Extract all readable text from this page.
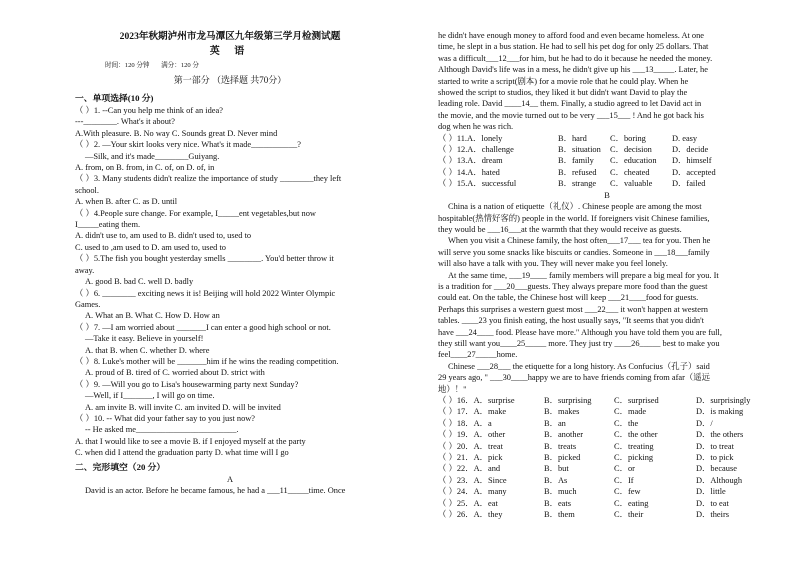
2023年秋期泸州市龙马潭区九年级第三学月检测试题
英 语
时间：120 分钟 满分：120 分
第一部分 （选择题 共70分）
一、单项选择(10 分)
（ ）1. --Can you help me think of an idea?
---________. What's it about?
A.With pleasure. B. No way C. Sounds great D. Never mind
（ ）2. —Your skirt looks very nice. What's it made___________?
—Silk, and it's made________Guiyang.
A. from, on B. from, in C. of, on D. of, in
（ ）3. Many students didn't realize the importance of study ________they left
school.
A. when B. after C. as D. until
（ ）4.People sure change. For example, I_____ent vegetables,but now
I_____eating them.
A. didn't use to, am used to B. didn't used to, used to
C. used to ,am used to D. am used to, used to
（ ）5.The fish you bought yesterday smells ________. You'd better throw it
away.
A. good B. bad C. well D. badly
（ ）6. ________ exciting news it is! Beijing will hold 2022 Winter Olympic
Games.
A. What an B. What C. How D. How an
（ ）7. —I am worried about _______I can enter a good high school or not.
—Take it easy. Believe in yourself!
A. that B. when C. whether D. where
（ ）8. Luke's mother will be _______him if he wins the reading competition.
A. proud of B. tired of C. worried about D. strict with
（ ）9. —Will you go to Lisa's housewarming party next Sunday?
—Well, if I_______, I will go on time.
A. am invite B. will invite C. am invited D. will be invited
（ ）10. -- What did your father say to you just now?
-- He asked me________________________.
A. that I would like to see a movie B. if I enjoyed myself at the party
C. when did I attend the graduation party D. what time will I go
二、完形填空（20 分）
A
David is an actor. Before he became famous, he had a ___11_____time. Once
he didn't have enough money to afford food and even became homeless. At one
time, he slept in a bus station. He had to sell his pet dog for only 25 dollars. That
was a difficult___12___for him, but he had to do it because he needed the money.
Although David's life was in a mess, he didn't give up his ___13_____. Later, he
started to write a script(剧本) for a movie role that he could play. When he
showed the script to studios, they liked it but didn't want David to play the
leading role. David ____14__ them. Finally, a studio agreed to let David act in
the movie, and the movie turned out to be very ___15___ ! And he got back his
dog when he was rich.
（ ）11.A．lonely	B．hard	C．boring	D. easy
（ ）12.A．challenge	B．situation	C．decision	D．decide
（ ）13.A．dream	B．family	C．education	D．himself
（ ）14.A．hated	B．refused	C．cheated	D．accepted
（ ）15.A．successful	B．strange	C．valuable	D．failed
B
China is a nation of etiquette（礼仪）. Chinese people are among the most
hospitable(热情好客的) people in the world. If foreigners visit Chinese families,
they would be ___16___at the warmth that they would receive as guests.
When you visit a Chinese family, the host often___17___ tea for you. Then he
will serve you some snacks like biscuits or candies. Someone in ___18___family
will also have a talk with you. They will never make you feel lonely.
At the same time, ___19____ family members will prepare a big meal for you. It
is a tradition for ___20___guests. They always prepare more food than the guest
could eat. On the table, the Chinese host will keep ___21____food for guests.
Perhaps this surprises a western guest most ___22___ it won't happen at western
tables. ____23 you finish eating, the host usually says, "It seems that you didn't
have ___24____ food. Please have more." Although you have told them you are full,
they still want you____25_____ more. They just try ____26_____ best to make you
feel____27_____home.
Chinese ___28___ the etiquette for a long history. As Confucius（孔子）said
29 years ago, " ___30____happy we are to have friends coming from afar（遥远
地）！"
（ ）16．A．surprise	B．surprising	C．surprised	D．surprisingly
（ ）17．A．make	B．makes	C．made	D．is making
（ ）18．A．a	B．an	C．the	D．/
（ ）19．A．other	B．another	C．the other	D．the others
（ ）20．A．treat	B．treats	C．treating	D．to treat
（ ）21．A．pick	B．picked	C．picking	D．to pick
（ ）22．A．and	B．but	C．or	D．because
（ ）23．A．Since	B．As	C．If	D．Although
（ ）24．A．many	B．much	C．few	D．little
（ ）25．A．eat	B．eats	C．eating	D．to eat
（ ）26．A．they	B．them	C．their	D．theirs
